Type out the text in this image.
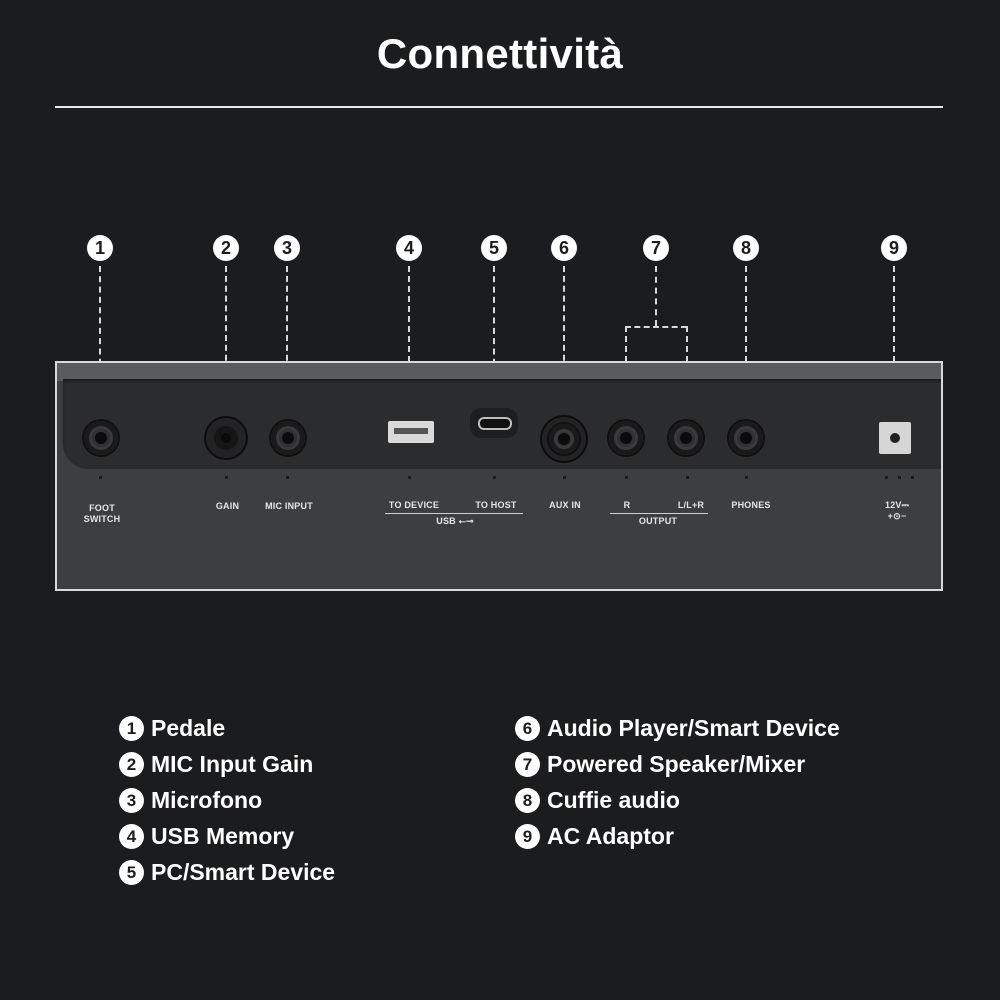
Connettività
1	2	3	4	5	6	7	8	9
FOOT
SWITCH
GAIN	MIC INPUT	TO DEVICE	TO HOST
USB ⭠⊸
AUX IN	R	L/L+R
OUTPUT
PHONES	12V⎓
+⊙−
1 Pedale
2 MIC Input Gain
3 Microfono
4 USB Memory
5 PC/Smart Device
6 Audio Player/Smart Device
7 Powered Speaker/Mixer
8 Cuffie audio
9 AC Adaptor
